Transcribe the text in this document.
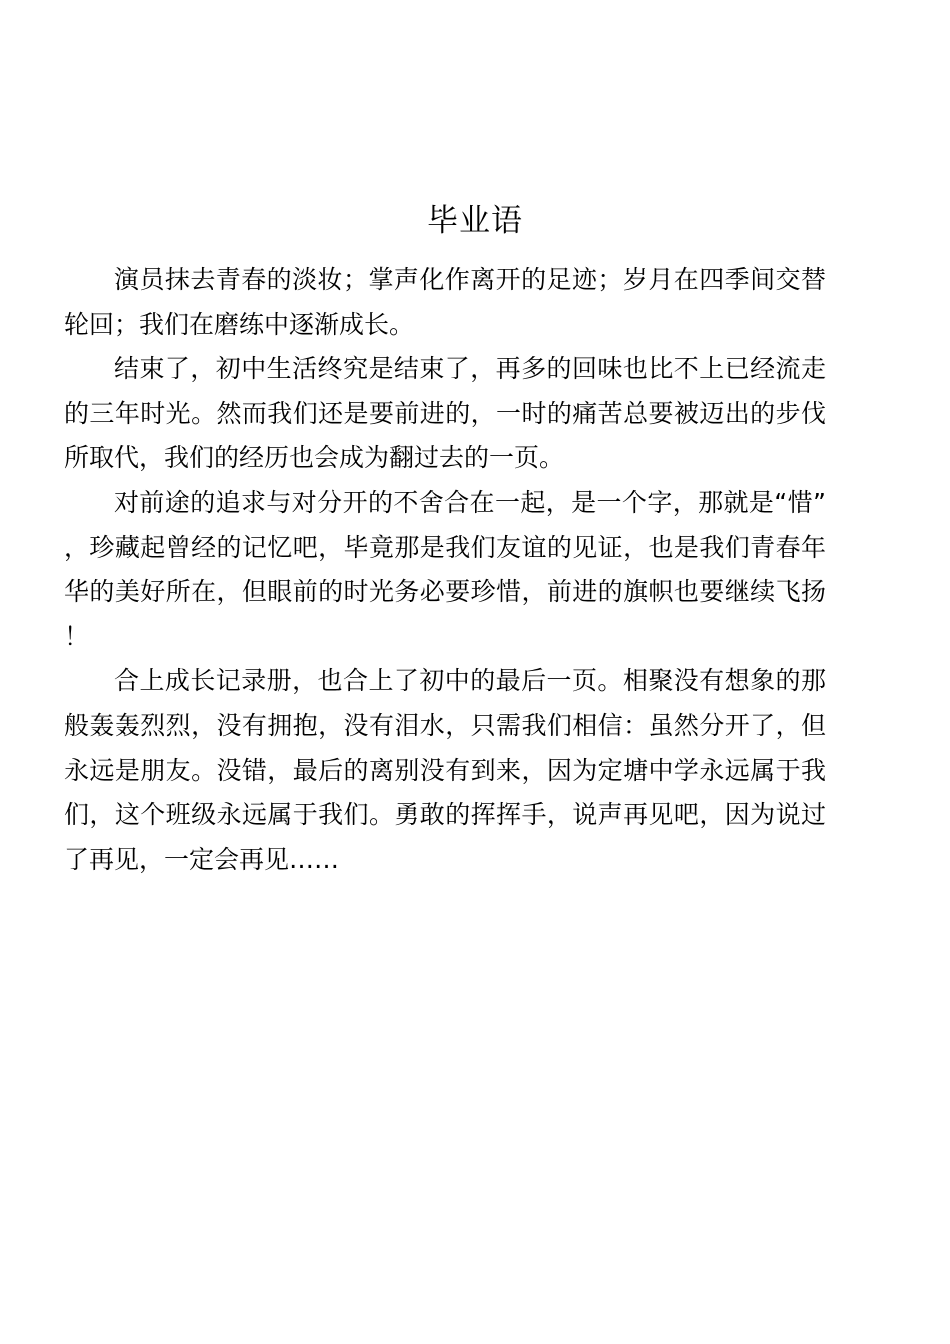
毕业语

演员抹去青春的淡妆；掌声化作离开的足迹；岁月在四季间交替轮回；我们在磨练中逐渐成长。

结束了，初中生活终究是结束了，再多的回味也比不上已经流走的三年时光。然而我们还是要前进的，一时的痛苦总要被迈出的步伐所取代，我们的经历也会成为翻过去的一页。

对前途的追求与对分开的不舍合在一起，是一个字，那就是“惜”，珍藏起曾经的记忆吧，毕竟那是我们友谊的见证，也是我们青春年华的美好所在，但眼前的时光务必要珍惜，前进的旗帜也要继续飞扬！

合上成长记录册，也合上了初中的最后一页。相聚没有想象的那般轰轰烈烈，没有拥抱，没有泪水，只需我们相信：虽然分开了，但永远是朋友。没错，最后的离别没有到来，因为定塘中学永远属于我们，这个班级永远属于我们。勇敢的挥挥手，说声再见吧，因为说过了再见，一定会再见……
